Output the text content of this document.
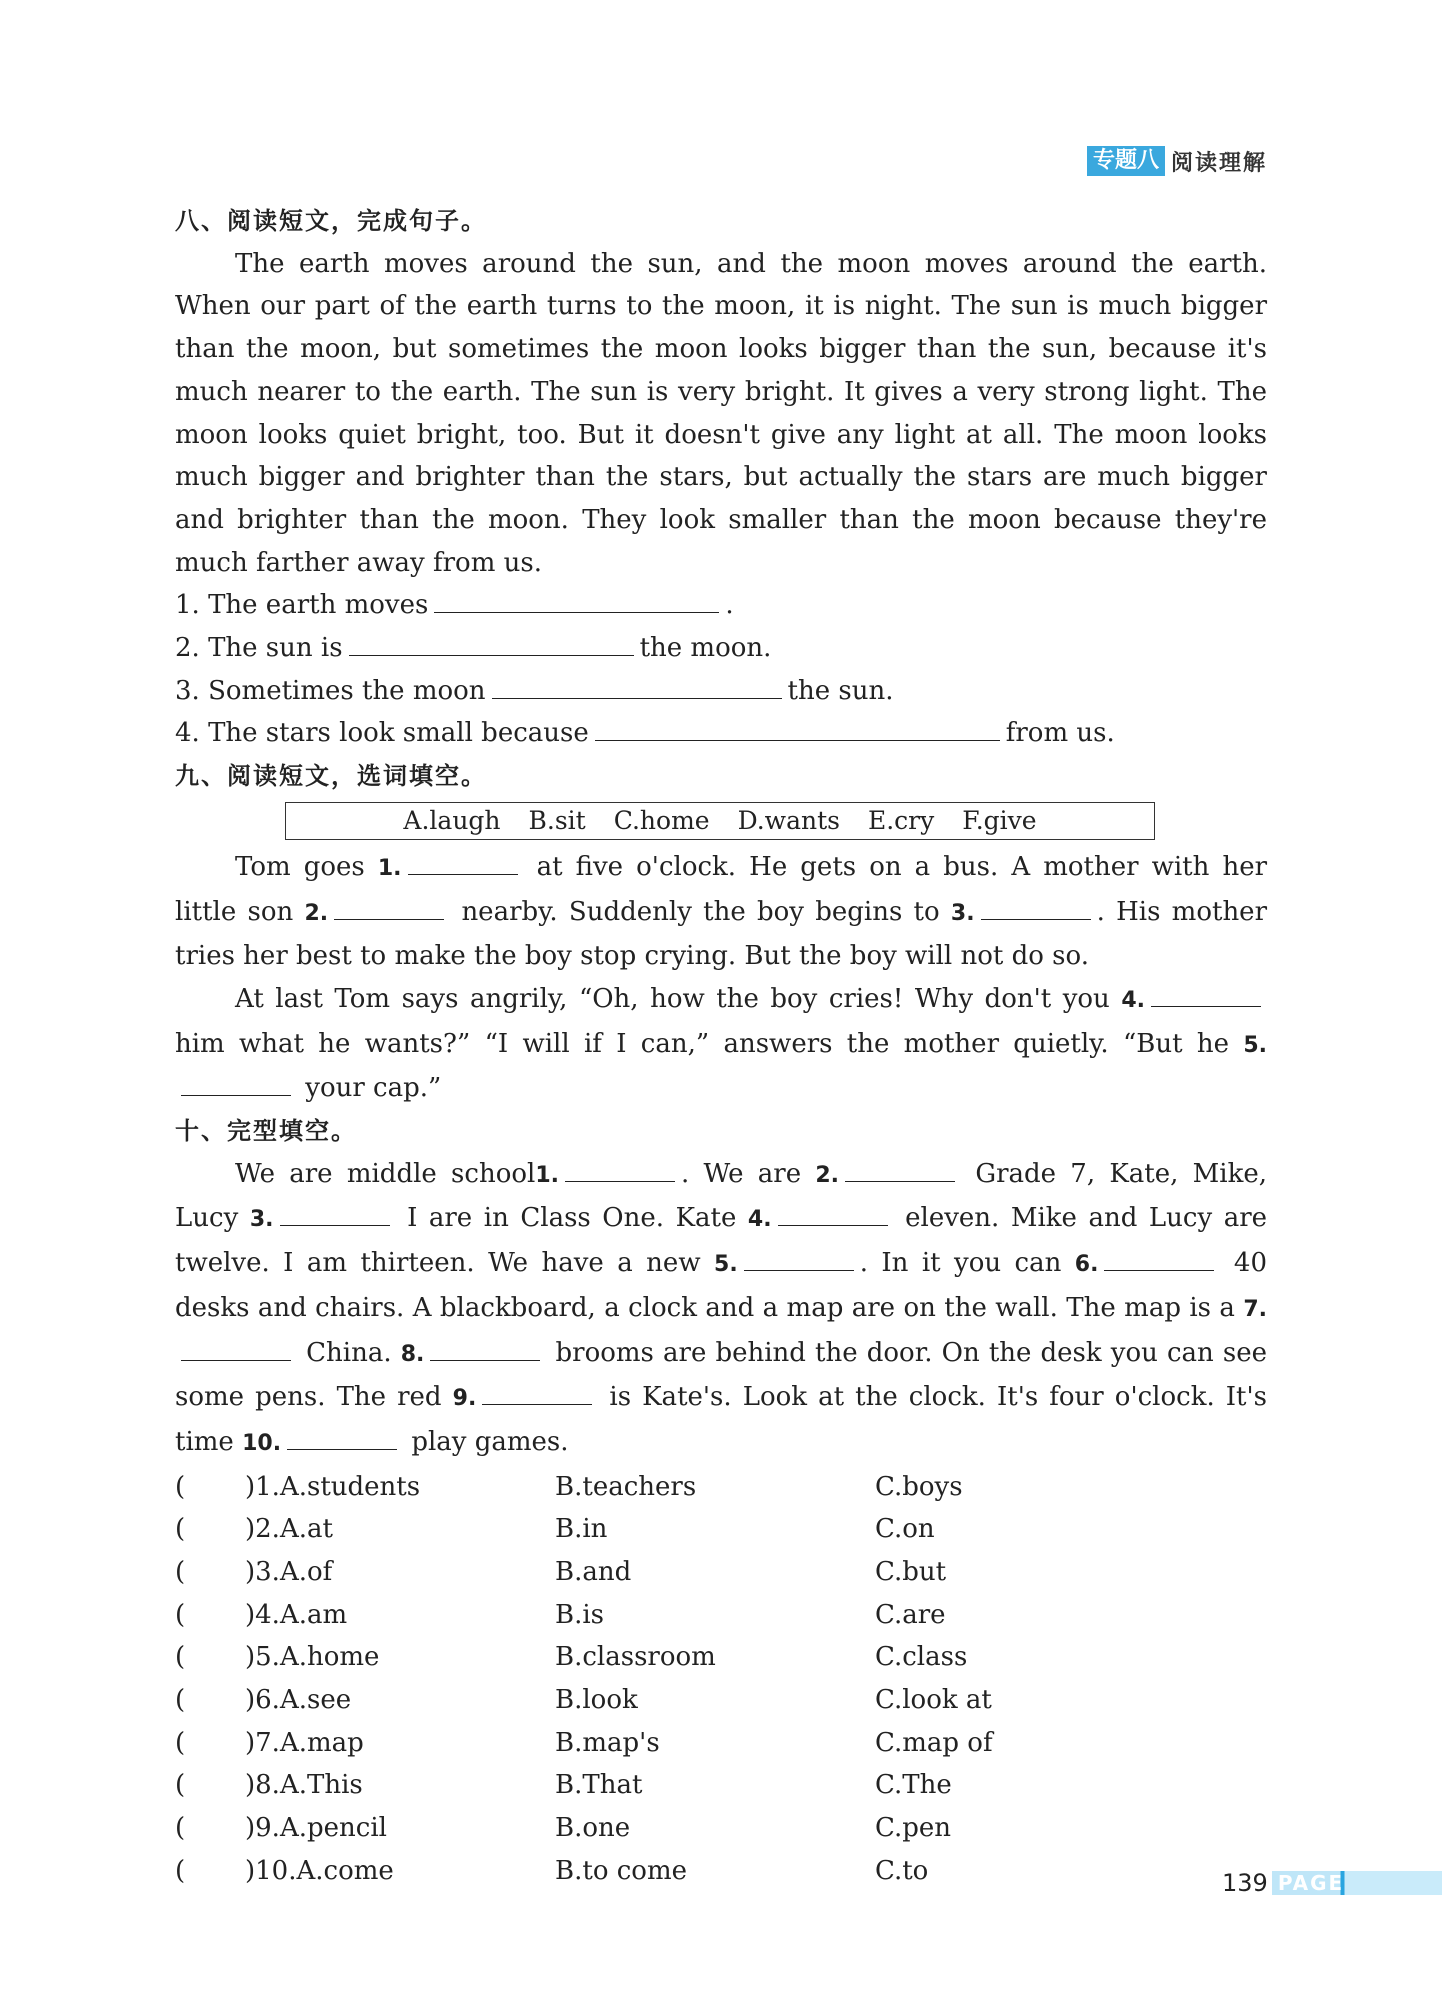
专题八 阅读理解
八、阅读短文，完成句子。
The earth moves around the sun, and the moon moves around the earth. When our part of the earth turns to the moon, it is night. The sun is much bigger than the moon, but sometimes the moon looks bigger than the sun, because it's much nearer to the earth. The sun is very bright. It gives a very strong light. The moon looks quiet bright, too. But it doesn't give any light at all. The moon looks much bigger and brighter than the stars, but actually the stars are much bigger and brighter than the moon. They look smaller than the moon because they're much farther away from us.
1. The earth moves	.
2. The sun is	the moon.
3. Sometimes the moon	the sun.
4. The stars look small because	from us.
九、阅读短文，选词填空。
A.laugh B.sit C.home D.wants E.cry F.give
Tom goes 1.	at five o'clock. He gets on a bus. A mother with her little son 2.	nearby. Suddenly the boy begins to 3.	. His mother tries her best to make the boy stop crying. But the boy will not do so.
At last Tom says angrily, “Oh, how the boy cries! Why don't you 4. him what he wants?” “I will if I can,” answers the mother quietly. “But he 5. your cap.”
十、完型填空。
We are middle school1.	. We are 2.	Grade 7, Kate, Mike, Lucy 3.	I are in Class One. Kate 4.	eleven. Mike and Lucy are twelve. I am thirteen. We have a new 5.	. In it you can 6.	40 desks and chairs. A blackboard, a clock and a map are on the wall. The map is a 7. China. 8.	brooms are behind the door. On the desk you can see some pens. The red 9.	is Kate's. Look at the clock. It's four o'clock. It's time 10.	play games.
( )1.A.students	B.teachers	C.boys
( )2.A.at	B.in	C.on
( )3.A.of	B.and	C.but
( )4.A.am	B.is	C.are
( )5.A.home	B.classroom	C.class
( )6.A.see	B.look	C.look at
( )7.A.map	B.map's	C.map of
( )8.A.This	B.That	C.The
( )9.A.pencil	B.one	C.pen
( )10.A.come	B.to come	C.to	139 PAGE
